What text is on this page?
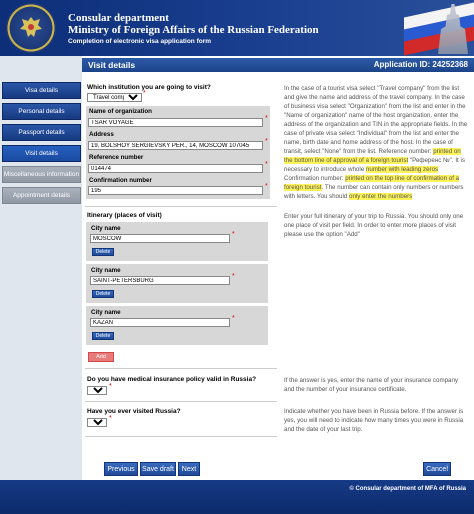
Consular department
Ministry of Foreign Affairs of the Russian Federation
Completion of electronic visa application form
Visa details
Personal details
Passport details
Visit details
Miscellaneous information
Appointment details
Visit details	Application ID: 24252368
Which institution you are going to visit?
Travel company
*
Name of organization
TSAR VOYAGE
*
Address
19, BOLSHOY SERGIEVSKY PER., 14, MOSCOW 107045
*
Reference number
014474
*
Confirmation number
195
*
In the case of a tourist visa select "Travel company" from the list and give the name and address of the travel company. In the case of business visa select "Organization" from the list and enter in the "Name of organization" name of the host organization. enter the address of the organization and TIN in the appropriate fields. In the case of private visa select "Individual" from the list and enter the name, birth date and home address of the host. In the case of transit, select "None" from the list. Reference number: printed on the bottom line of approval of a foreign tourist "Референс №". It is necessary to introduce whole number with leading zeros Confirmation number: printed on the top line of confirmation of a foreign tourist. The number can contain only numbers or numbers with letters. You should only enter the numbers
Itinerary (places of visit)
City name
MOSCOW
*
Delete
City name
SAINT-PETERSBURG
*
Delete
City name
KAZAN
*
Delete
Add
Enter your full itinerary of your trip to Russia. You should only one one place of visit per field. In order to enter more places of visit please use the option "Add"
Do you have medical insurance policy valid in Russia?
no
*
If the answer is yes, enter the name of your insurance company and the number of your insurance certificate.
Have you ever visited Russia?
no
*
Indicate whether you have been in Russia before. If the answer is yes, you will need to indicate how many times you were in Russia and the date of your last trip.
Previous	Save draft	Next	Cancel
© Consular department of MFA of Russia
